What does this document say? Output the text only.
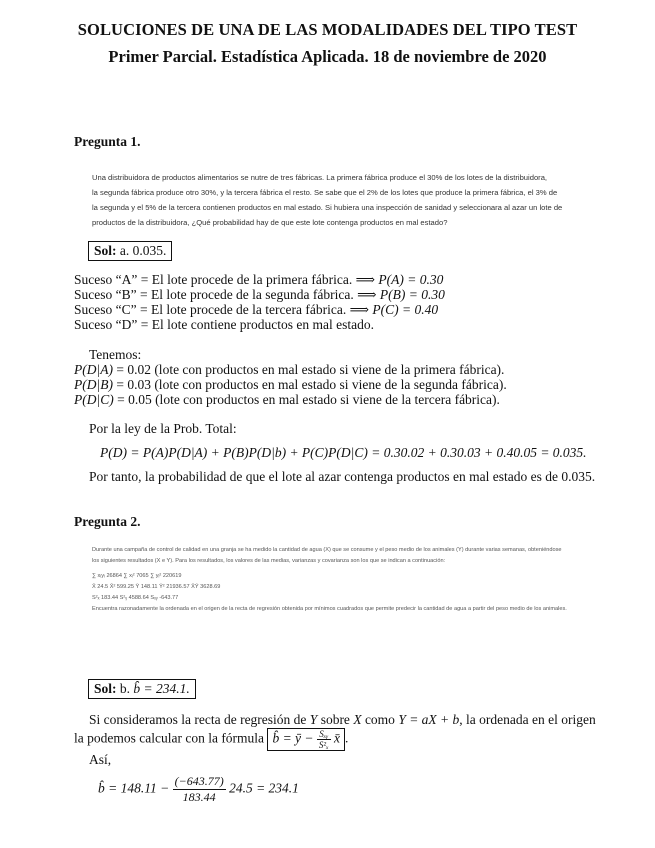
SOLUCIONES DE UNA DE LAS MODALIDADES DEL TIPO TEST
Primer Parcial. Estadística Aplicada. 18 de noviembre de 2020
Pregunta 1.
Una distribuidora de productos alimentarios se nutre de tres fábricas. La primera fábrica produce el 30% de los lotes de la distribuidora,
la segunda fábrica produce otro 30%, y la tercera fábrica el resto. Se sabe que el 2% de los lotes que produce la primera fábrica, el 3% de
la segunda y el 5% de la tercera contienen productos en mal estado. Si hubiera una inspección de sanidad y seleccionara al azar un lote de
productos de la distribuidora, ¿Qué probabilidad hay de que este lote contenga productos en mal estado?
Sol: a. 0.035.
Suceso “A” = El lote procede de la primera fábrica. ⟹ P(A) = 0.30
Suceso “B” = El lote procede de la segunda fábrica. ⟹ P(B) = 0.30
Suceso “C” = El lote procede de la tercera fábrica. ⟹ P(C) = 0.40
Suceso “D” = El lote contiene productos en mal estado.
Tenemos:
P(D|A) = 0.02 (lote con productos en mal estado si viene de la primera fábrica).
P(D|B) = 0.03 (lote con productos en mal estado si viene de la segunda fábrica).
P(D|C) = 0.05 (lote con productos en mal estado si viene de la tercera fábrica).
Por la ley de la Prob. Total:
P(D) = P(A)P(D|A) + P(B)P(D|b) + P(C)P(D|C) = 0.30.02 + 0.30.03 + 0.40.05 = 0.035.
Por tanto, la probabilidad de que el lote al azar contenga productos en mal estado es de 0.035.
Pregunta 2.
Durante una campaña de control de calidad en una granja se ha medido la cantidad de agua (X) que se consume y el peso medio de los animales (Y) durante varias semanas, obteniéndose
los siguientes resultados (X e Y). Para los resultados, los valores de las medias, varianzas y covarianza son los que se indican a continuación:
∑ xᵢyᵢ 26864 ∑ xᵢ² 7065 ∑ yᵢ² 220619
X̄ 24.5 X̄² 599.25 Ȳ 148.11 Ȳ² 21936.57 X̄Ȳ 3628.69
S²ₓ 183.44 S²ᵧ 4588.64 Sₓᵧ -643.77
Encuentra razonadamente la ordenada en el origen de la recta de regresión obtenida por mínimos cuadrados que permite predecir la cantidad de agua a partir del peso medio de los animales.
Sol: b. b̂ = 234.1.
Si consideramos la recta de regresión de Y sobre X como Y = aX + b, la ordenada en el origen
la podemos calcular con la fórmula b̂ = ȳ − $\frac{\text{Sₓᵧ}}{\text{S²ₓ}}$ x̄ .
Así,
b̂ = $148.11 - \frac{(-643.77)}{183.44} 24.5 = 234.1$
